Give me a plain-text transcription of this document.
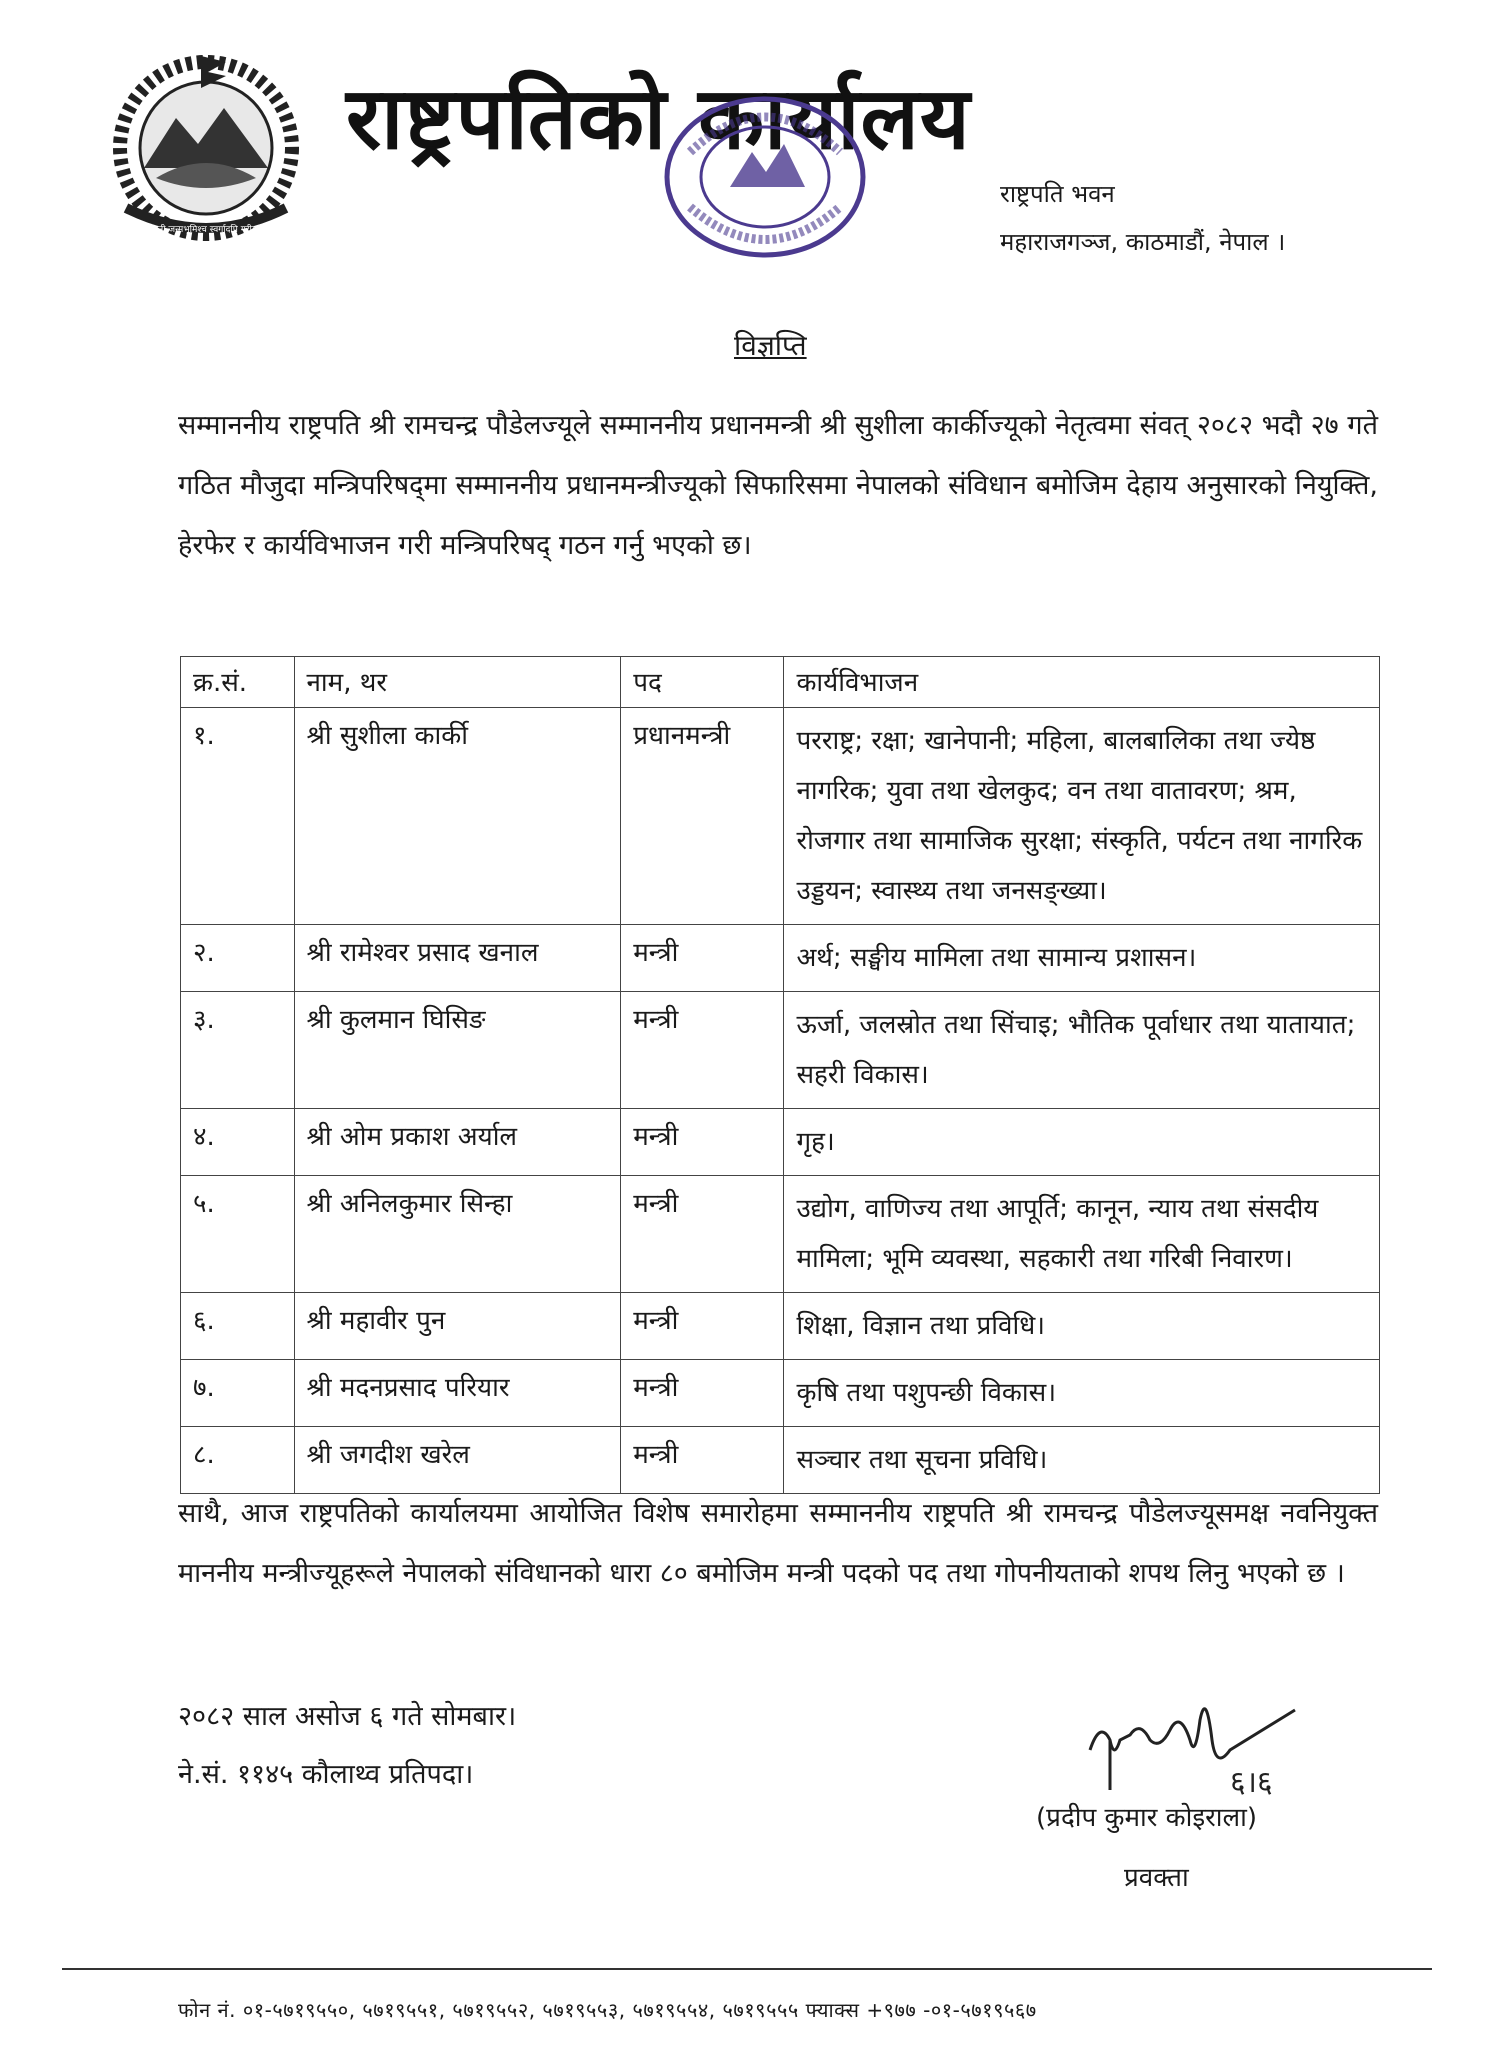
जननी जन्मभूमिश्च स्वर्गादपि गरीयसी
राष्ट्रपतिको कार्यालय
राष्ट्रपति भवन
महाराजगञ्ज, काठमाडौं, नेपाल ।
विज्ञप्ति
सम्माननीय राष्ट्रपति श्री रामचन्द्र पौडेलज्यूले सम्माननीय प्रधानमन्त्री श्री सुशीला कार्कीज्यूको नेतृत्वमा संवत् २०८२ भदौ २७ गते गठित मौजुदा मन्त्रिपरिषद्‌मा सम्माननीय प्रधानमन्त्रीज्यूको सिफारिसमा नेपालको संविधान बमोजिम देहाय अनुसारको नियुक्ति, हेरफेर र कार्यविभाजन गरी मन्त्रिपरिषद् गठन गर्नु भएको छ।
क्र.सं.	नाम, थर	पद	कार्यविभाजन
१.	श्री सुशीला कार्की	प्रधानमन्त्री	परराष्ट्र; रक्षा; खानेपानी; महिला, बालबालिका तथा ज्येष्ठ नागरिक; युवा तथा खेलकुद; वन तथा वातावरण; श्रम, रोजगार तथा सामाजिक सुरक्षा; संस्कृति, पर्यटन तथा नागरिक उड्डयन; स्वास्थ्य तथा जनसङ्ख्या।
२.	श्री रामेश्वर प्रसाद खनाल	मन्त्री	अर्थ; सङ्घीय मामिला तथा सामान्य प्रशासन।
३.	श्री कुलमान घिसिङ	मन्त्री	ऊर्जा, जलस्रोत तथा सिंचाइ; भौतिक पूर्वाधार तथा यातायात; सहरी विकास।
४.	श्री ओम प्रकाश अर्याल	मन्त्री	गृह।
५.	श्री अनिलकुमार सिन्हा	मन्त्री	उद्योग, वाणिज्य तथा आपूर्ति; कानून, न्याय तथा संसदीय मामिला; भूमि व्यवस्था, सहकारी तथा गरिबी निवारण।
६.	श्री महावीर पुन	मन्त्री	शिक्षा, विज्ञान तथा प्रविधि।
७.	श्री मदनप्रसाद परियार	मन्त्री	कृषि तथा पशुपन्छी विकास।
८.	श्री जगदीश खरेल	मन्त्री	सञ्चार तथा सूचना प्रविधि।
साथै, आज राष्ट्रपतिको कार्यालयमा आयोजित विशेष समारोहमा सम्माननीय राष्ट्रपति श्री रामचन्द्र पौडेलज्यूसमक्ष नवनियुक्त माननीय मन्त्रीज्यूहरूले नेपालको संविधानको धारा ८० बमोजिम मन्त्री पदको पद तथा गोपनीयताको शपथ लिनु भएको छ ।
२०८२ साल असोज ६ गते सोमबार।
ने.सं. ११४५ कौलाथ्व प्रतिपदा।	६।६
(प्रदीप कुमार कोइराला)
प्रवक्ता
फोन नं. ०१-५७१९५५०, ५७१९५५१, ५७१९५५२, ५७१९५५३, ५७१९५५४, ५७१९५५५ फ्याक्स +९७७ -०१-५७१९५६७
